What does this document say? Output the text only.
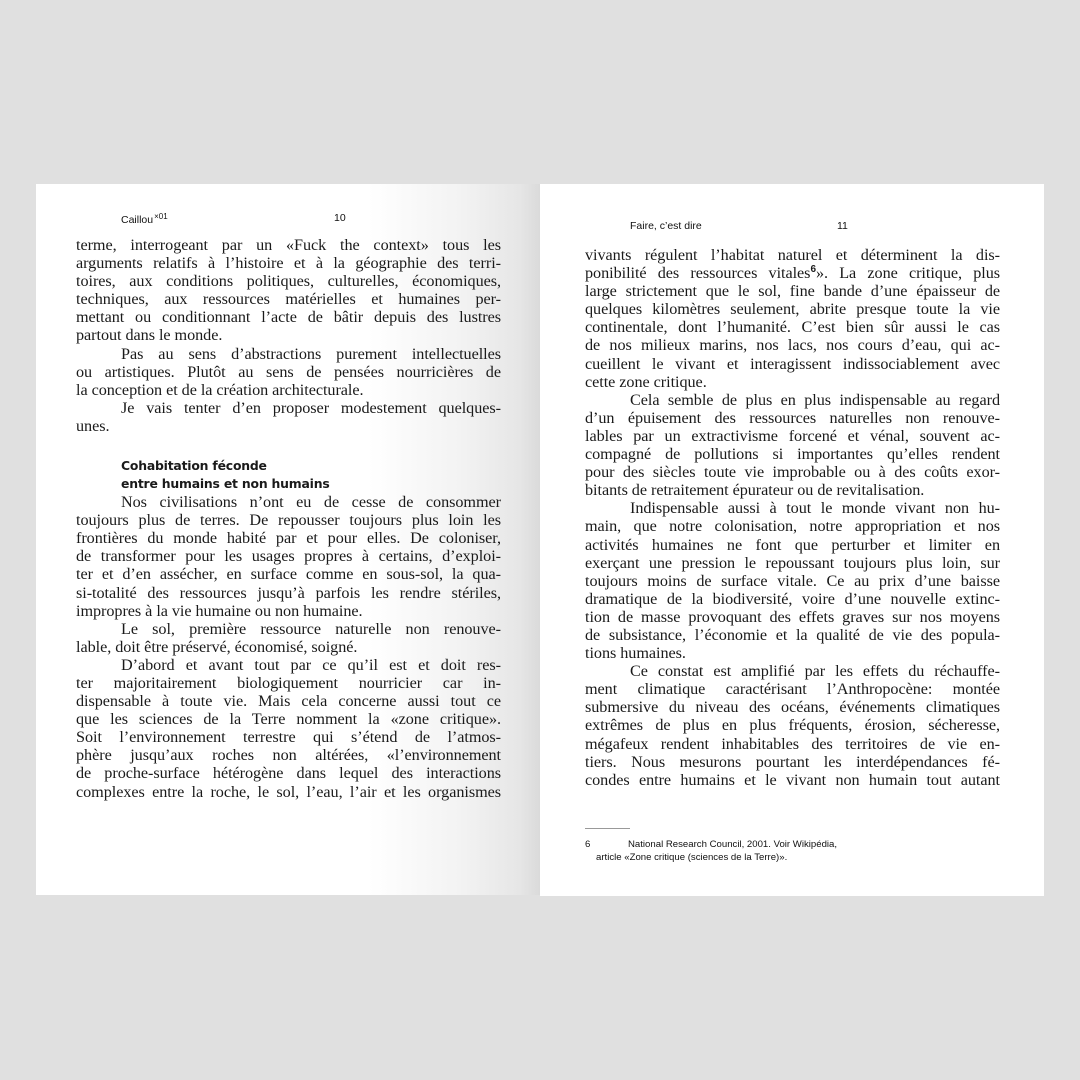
Caillou$^{\times 01}$	10
terme, interrogeant par un «Fuck the context» tous les
arguments relatifs à l’histoire et à la géographie des terri-
toires, aux conditions politiques, culturelles, économiques,
techniques, aux ressources matérielles et humaines per-
mettant ou conditionnant l’acte de bâtir depuis des lustres
partout dans le monde.
Pas au sens d’abstractions purement intellectuelles
ou artistiques. Plutôt au sens de pensées nourricières de
la conception et de la création architecturale.
Je vais tenter d’en proposer modestement quelques-
unes.
Cohabitation féconde
entre humains et non humains
Nos civilisations n’ont eu de cesse de consommer
toujours plus de terres. De repousser toujours plus loin les
frontières du monde habité par et pour elles. De coloniser,
de transformer pour les usages propres à certains, d’exploi-
ter et d’en assécher, en surface comme en sous-sol, la qua-
si-totalité des ressources jusqu’à parfois les rendre stériles,
impropres à la vie humaine ou non humaine.
Le sol, première ressource naturelle non renouve-
lable, doit être préservé, économisé, soigné.
D’abord et avant tout par ce qu’il est et doit res-
ter majoritairement biologiquement nourricier car in-
dispensable à toute vie. Mais cela concerne aussi tout ce
que les sciences de la Terre nomment la «zone critique».
Soit l’environnement terrestre qui s’étend de l’atmos-
phère jusqu’aux roches non altérées, «l’environnement
de proche-surface hétérogène dans lequel des interactions
complexes entre la roche, le sol, l’eau, l’air et les organismes
Faire, c’est dire	11
vivants régulent l’habitat naturel et déterminent la dis-
ponibilité des ressources vitales$^6$». La zone critique, plus
large strictement que le sol, fine bande d’une épaisseur de
quelques kilomètres seulement, abrite presque toute la vie
continentale, dont l’humanité. C’est bien sûr aussi le cas
de nos milieux marins, nos lacs, nos cours d’eau, qui ac-
cueillent le vivant et interagissent indissociablement avec
cette zone critique.
Cela semble de plus en plus indispensable au regard
d’un épuisement des ressources naturelles non renouve-
lables par un extractivisme forcené et vénal, souvent ac-
compagné de pollutions si importantes qu’elles rendent
pour des siècles toute vie improbable ou à des coûts exor-
bitants de retraitement épurateur ou de revitalisation.
Indispensable aussi à tout le monde vivant non hu-
main, que notre colonisation, notre appropriation et nos
activités humaines ne font que perturber et limiter en
exerçant une pression le repoussant toujours plus loin, sur
toujours moins de surface vitale. Ce au prix d’une baisse
dramatique de la biodiversité, voire d’une nouvelle extinc-
tion de masse provoquant des effets graves sur nos moyens
de subsistance, l’économie et la qualité de vie des popula-
tions humaines.
Ce constat est amplifié par les effets du réchauffe-
ment climatique caractérisant l’Anthropocène: montée
submersive du niveau des océans, événements climatiques
extrêmes de plus en plus fréquents, érosion, sécheresse,
mégafeux rendent inhabitables des territoires de vie en-
tiers. Nous mesurons pourtant les interdépendances fé-
condes entre humains et le vivant non humain tout autant
6	National Research Council, 2001. Voir Wikipédia,
article «Zone critique (sciences de la Terre)».
